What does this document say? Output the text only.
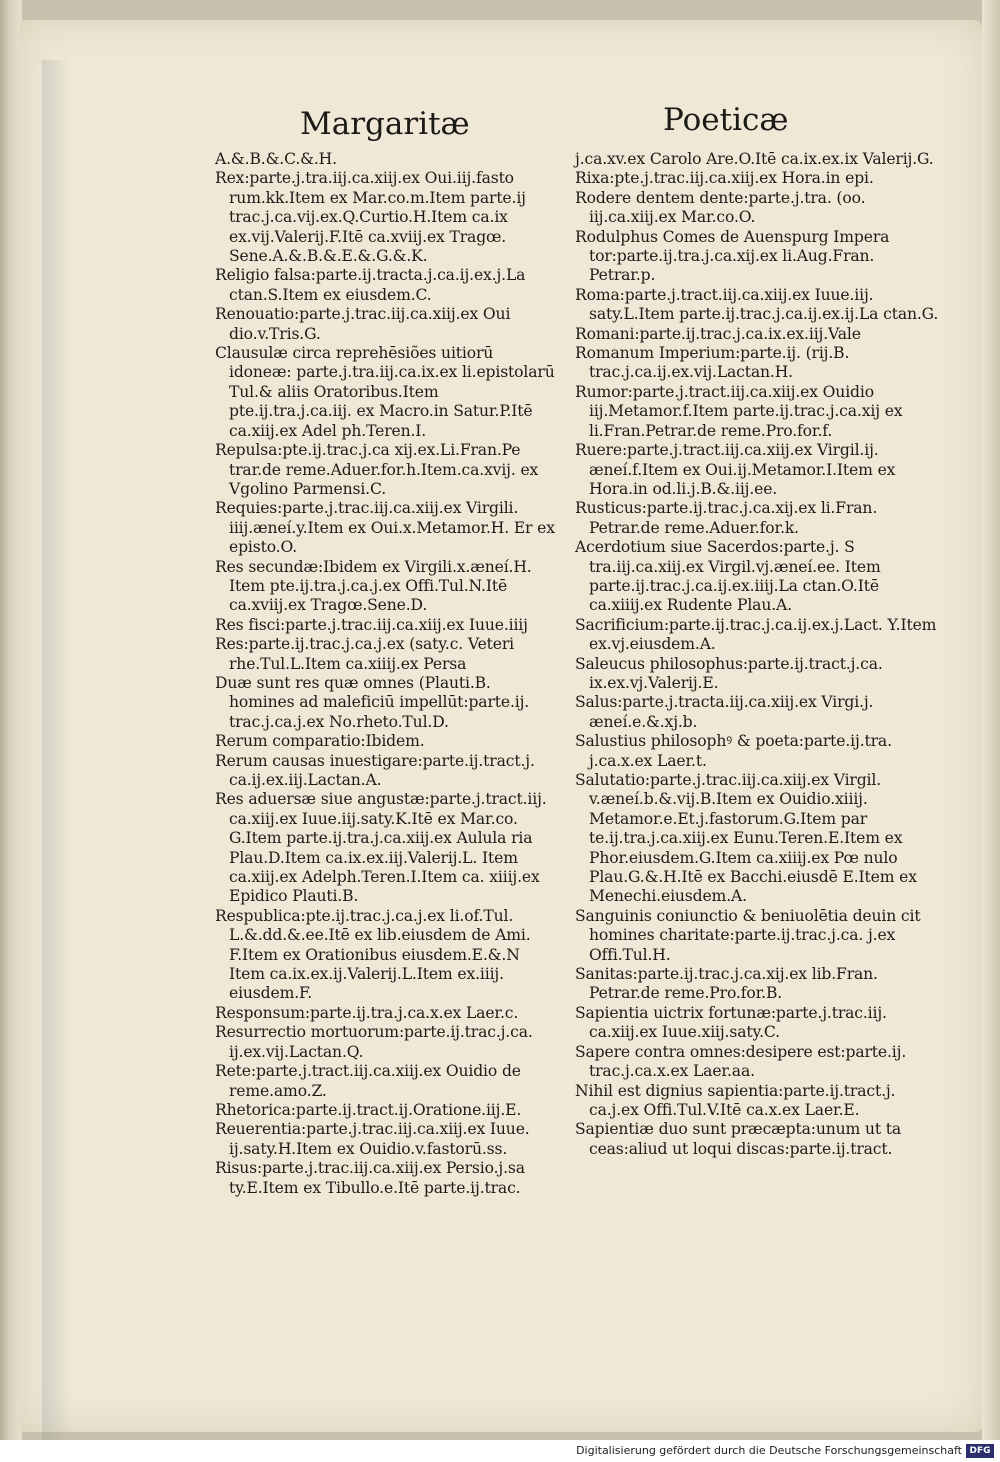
Margaritæ	Poeticæ

A.&.B.&.C.&.H.

Rex:parte.j.tra.iij.ca.xiij.ex Oui.iij.fasto rum.kk.Item ex Mar.co.m.Item parte.ij trac.j.ca.vij.ex.Q.Curtio.H.Item ca.ix ex.vij.Valerij.F.Itē ca.xviij.ex Tragœ. Sene.A.&.B.&.E.&.G.&.K.

Religio falsa:parte.ij.tracta.j.ca.ij.ex.j.La ctan.S.Item ex eiusdem.C.

Renouatio:parte.j.trac.iij.ca.xiij.ex Oui dio.v.Tris.G.

Clausulæ circa reprehēsiões uitiorū idoneæ: parte.j.tra.iij.ca.ix.ex li.epistolarū Tul.& aliis Oratoribus.Item pte.ij.tra.j.ca.iij. ex Macro.in Satur.P.Itē ca.xiij.ex Adel ph.Teren.I.

Repulsa:pte.ij.trac.j.ca xij.ex.Li.Fran.Pe trar.de reme.Aduer.for.h.Item.ca.xvij. ex Vgolino Parmensi.C.

Requies:parte.j.trac.iij.ca.xiij.ex Virgili. iiij.æneí.y.Item ex Oui.x.Metamor.H. Er ex episto.O.

Res secundæ:Ibidem ex Virgili.x.æneí.H. Item pte.ij.tra.j.ca.j.ex Offi.Tul.N.Itē ca.xviij.ex Tragœ.Sene.D.

Res fisci:parte.j.trac.iij.ca.xiij.ex Iuue.iiij

Res:parte.ij.trac.j.ca.j.ex (saty.c. Veteri rhe.Tul.L.Item ca.xiiij.ex Persa

Duæ sunt res quæ omnes (Plauti.B. homines ad maleficiū impellūt:parte.ij. trac.j.ca.j.ex No.rheto.Tul.D.

Rerum comparatio:Ibidem.

Rerum causas inuestigare:parte.ij.tract.j. ca.ij.ex.iij.Lactan.A.

Res aduersæ siue angustæ:parte.j.tract.iij. ca.xiij.ex Iuue.iij.saty.K.Itē ex Mar.co. G.Item parte.ij.tra.j.ca.xiij.ex Aulula ria Plau.D.Item ca.ix.ex.iij.Valerij.L. Item ca.xiij.ex Adelph.Teren.I.Item ca. xiiij.ex Epidico Plauti.B.

Respublica:pte.ij.trac.j.ca.j.ex li.of.Tul. L.&.dd.&.ee.Itē ex lib.eiusdem de Ami. F.Item ex Orationibus eiusdem.E.&.N Item ca.ix.ex.ij.Valerij.L.Item ex.iiij. eiusdem.F.

Responsum:parte.ij.tra.j.ca.x.ex Laer.c.

Resurrectio mortuorum:parte.ij.trac.j.ca. ij.ex.vij.Lactan.Q.

Rete:parte.j.tract.iij.ca.xiij.ex Ouidio de reme.amo.Z.

Rhetorica:parte.ij.tract.ij.Oratione.iij.E.

Reuerentia:parte.j.trac.iij.ca.xiij.ex Iuue. ij.saty.H.Item ex Ouidio.v.fastorū.ss.

Risus:parte.j.trac.iij.ca.xiij.ex Persio.j.sa ty.E.Item ex Tibullo.e.Itē parte.ij.trac.

j.ca.xv.ex Carolo Are.O.Itē ca.ix.ex.ix Valerij.G.

Rixa:pte.j.trac.iij.ca.xiij.ex Hora.in epi.

Rodere dentem dente:parte.j.tra. (oo. iij.ca.xiij.ex Mar.co.O.

Rodulphus Comes de Auenspurg Impera tor:parte.ij.tra.j.ca.xij.ex li.Aug.Fran. Petrar.p.

Roma:parte.j.tract.iij.ca.xiij.ex Iuue.iij. saty.L.Item parte.ij.trac.j.ca.ij.ex.ij.La ctan.G.

Romani:parte.ij.trac.j.ca.ix.ex.iij.Vale

Romanum Imperium:parte.ij. (rij.B. trac.j.ca.ij.ex.vij.Lactan.H.

Rumor:parte.j.tract.iij.ca.xiij.ex Ouidio iij.Metamor.f.Item parte.ij.trac.j.ca.xij ex li.Fran.Petrar.de reme.Pro.for.f.

Ruere:parte.j.tract.iij.ca.xiij.ex Virgil.ij. æneí.f.Item ex Oui.ij.Metamor.I.Item ex Hora.in od.li.j.B.&.iij.ee.

Rusticus:parte.ij.trac.j.ca.xij.ex li.Fran. Petrar.de reme.Aduer.for.k.

Acerdotium siue Sacerdos:parte.j. S tra.iij.ca.xiij.ex Virgil.vj.æneí.ee. Item parte.ij.trac.j.ca.ij.ex.iiij.La ctan.O.Itē ca.xiiij.ex Rudente Plau.A.

Sacrificium:parte.ij.trac.j.ca.ij.ex.j.Lact. Y.Item ex.vj.eiusdem.A.

Saleucus philosophus:parte.ij.tract.j.ca. ix.ex.vj.Valerij.E.

Salus:parte.j.tracta.iij.ca.xiij.ex Virgi.j. æneí.e.&.xj.b.

Salustius philosophꝰ & poeta:parte.ij.tra. j.ca.x.ex Laer.t.

Salutatio:parte.j.trac.iij.ca.xiij.ex Virgil. v.æneí.b.&.vij.B.Item ex Ouidio.xiiij. Metamor.e.Et.j.fastorum.G.Item par te.ij.tra.j.ca.xiij.ex Eunu.Teren.E.Item ex Phor.eiusdem.G.Item ca.xiiij.ex Pœ nulo Plau.G.&.H.Itē ex Bacchi.eiusdē E.Item ex Menechi.eiusdem.A.

Sanguinis coniunctio & beniuolētia deuin cit homines charitate:parte.ij.trac.j.ca. j.ex Offi.Tul.H.

Sanitas:parte.ij.trac.j.ca.xij.ex lib.Fran. Petrar.de reme.Pro.for.B.

Sapientia uictrix fortunæ:parte.j.trac.iij. ca.xiij.ex Iuue.xiij.saty.C.

Sapere contra omnes:desipere est:parte.ij. trac.j.ca.x.ex Laer.aa.

Nihil est dignius sapientia:parte.ij.tract.j. ca.j.ex Offi.Tul.V.Itē ca.x.ex Laer.E.

Sapientiæ duo sunt præcæpta:unum ut ta ceas:aliud ut loqui discas:parte.ij.tract.

Digitalisierung gefördert durch die Deutsche Forschungsgemeinschaft DFG
